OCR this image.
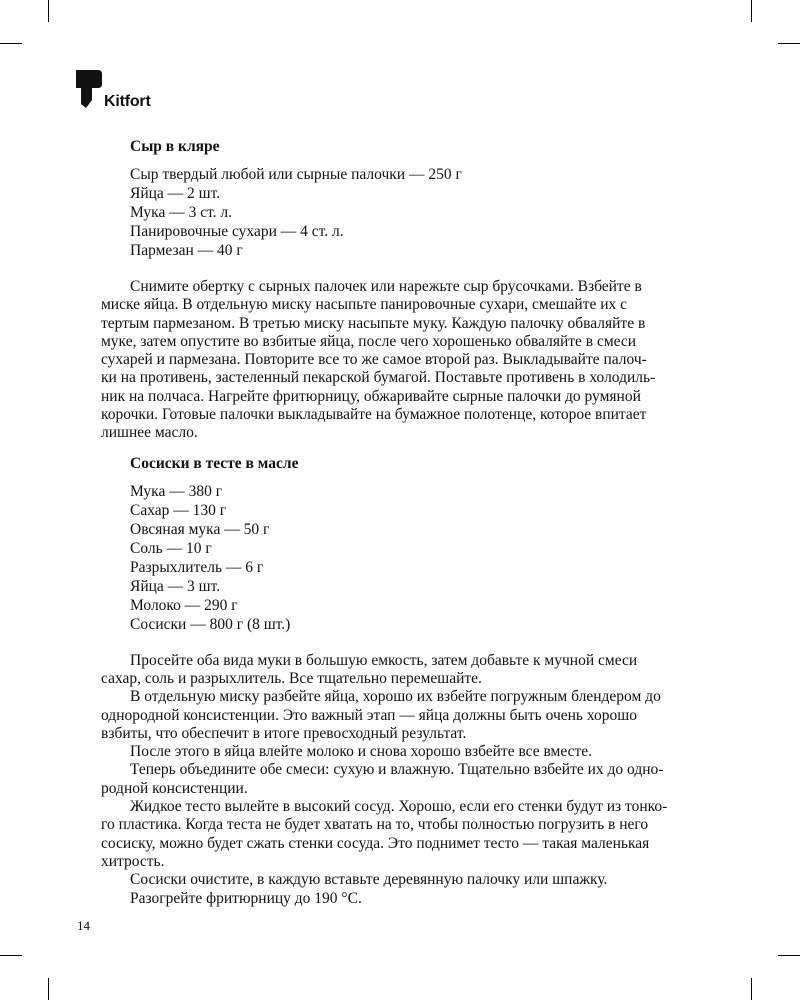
Kitfort
Сыр в кляре
Сыр твердый любой или сырные палочки — 250 г
Яйца — 2 шт.
Мука — 3 ст. л.
Панировочные сухари — 4 ст. л.
Пармезан — 40 г

Снимите обертку с сырных палочек или нарежьте сыр брусочками. Взбейте в
миске яйца. В отдельную миску насыпьте панировочные сухари, смешайте их с
тертым пармезаном. В третью миску насыпьте муку. Каждую палочку обваляйте в
муке, затем опустите во взбитые яйца, после чего хорошенько обваляйте в смеси
сухарей и пармезана. Повторите все то же самое второй раз. Выкладывайте палоч-
ки на противень, застеленный пекарской бумагой. Поставьте противень в холодиль-
ник на полчаса. Нагрейте фритюрницу, обжаривайте сырные палочки до румяной
корочки. Готовые палочки выкладывайте на бумажное полотенце, которое впитает
лишнее масло.

Сосиски в тесте в масле
Мука — 380 г
Сахар — 130 г
Овсяная мука — 50 г
Соль — 10 г
Разрыхлитель — 6 г
Яйца — 3 шт.
Молоко — 290 г
Сосиски — 800 г (8 шт.)

Просейте оба вида муки в большую емкость, затем добавьте к мучной смеси
сахар, соль и разрыхлитель. Все тщательно перемешайте.

В отдельную миску разбейте яйца, хорошо их взбейте погружным блендером до
однородной консистенции. Это важный этап — яйца должны быть очень хорошо
взбиты, что обеспечит в итоге превосходный результат.

После этого в яйца влейте молоко и снова хорошо взбейте все вместе.

Теперь объедините обе смеси: сухую и влажную. Тщательно взбейте их до одно-
родной консистенции.

Жидкое тесто вылейте в высокий сосуд. Хорошо, если его стенки будут из тонко-
го пластика. Когда теста не будет хватать на то, чтобы полностью погрузить в него
сосиску, можно будет сжать стенки сосуда. Это поднимет тесто — такая маленькая
хитрость.

Сосиски очистите, в каждую вставьте деревянную палочку или шпажку.

Разогрейте фритюрницу до 190 °С.

14
